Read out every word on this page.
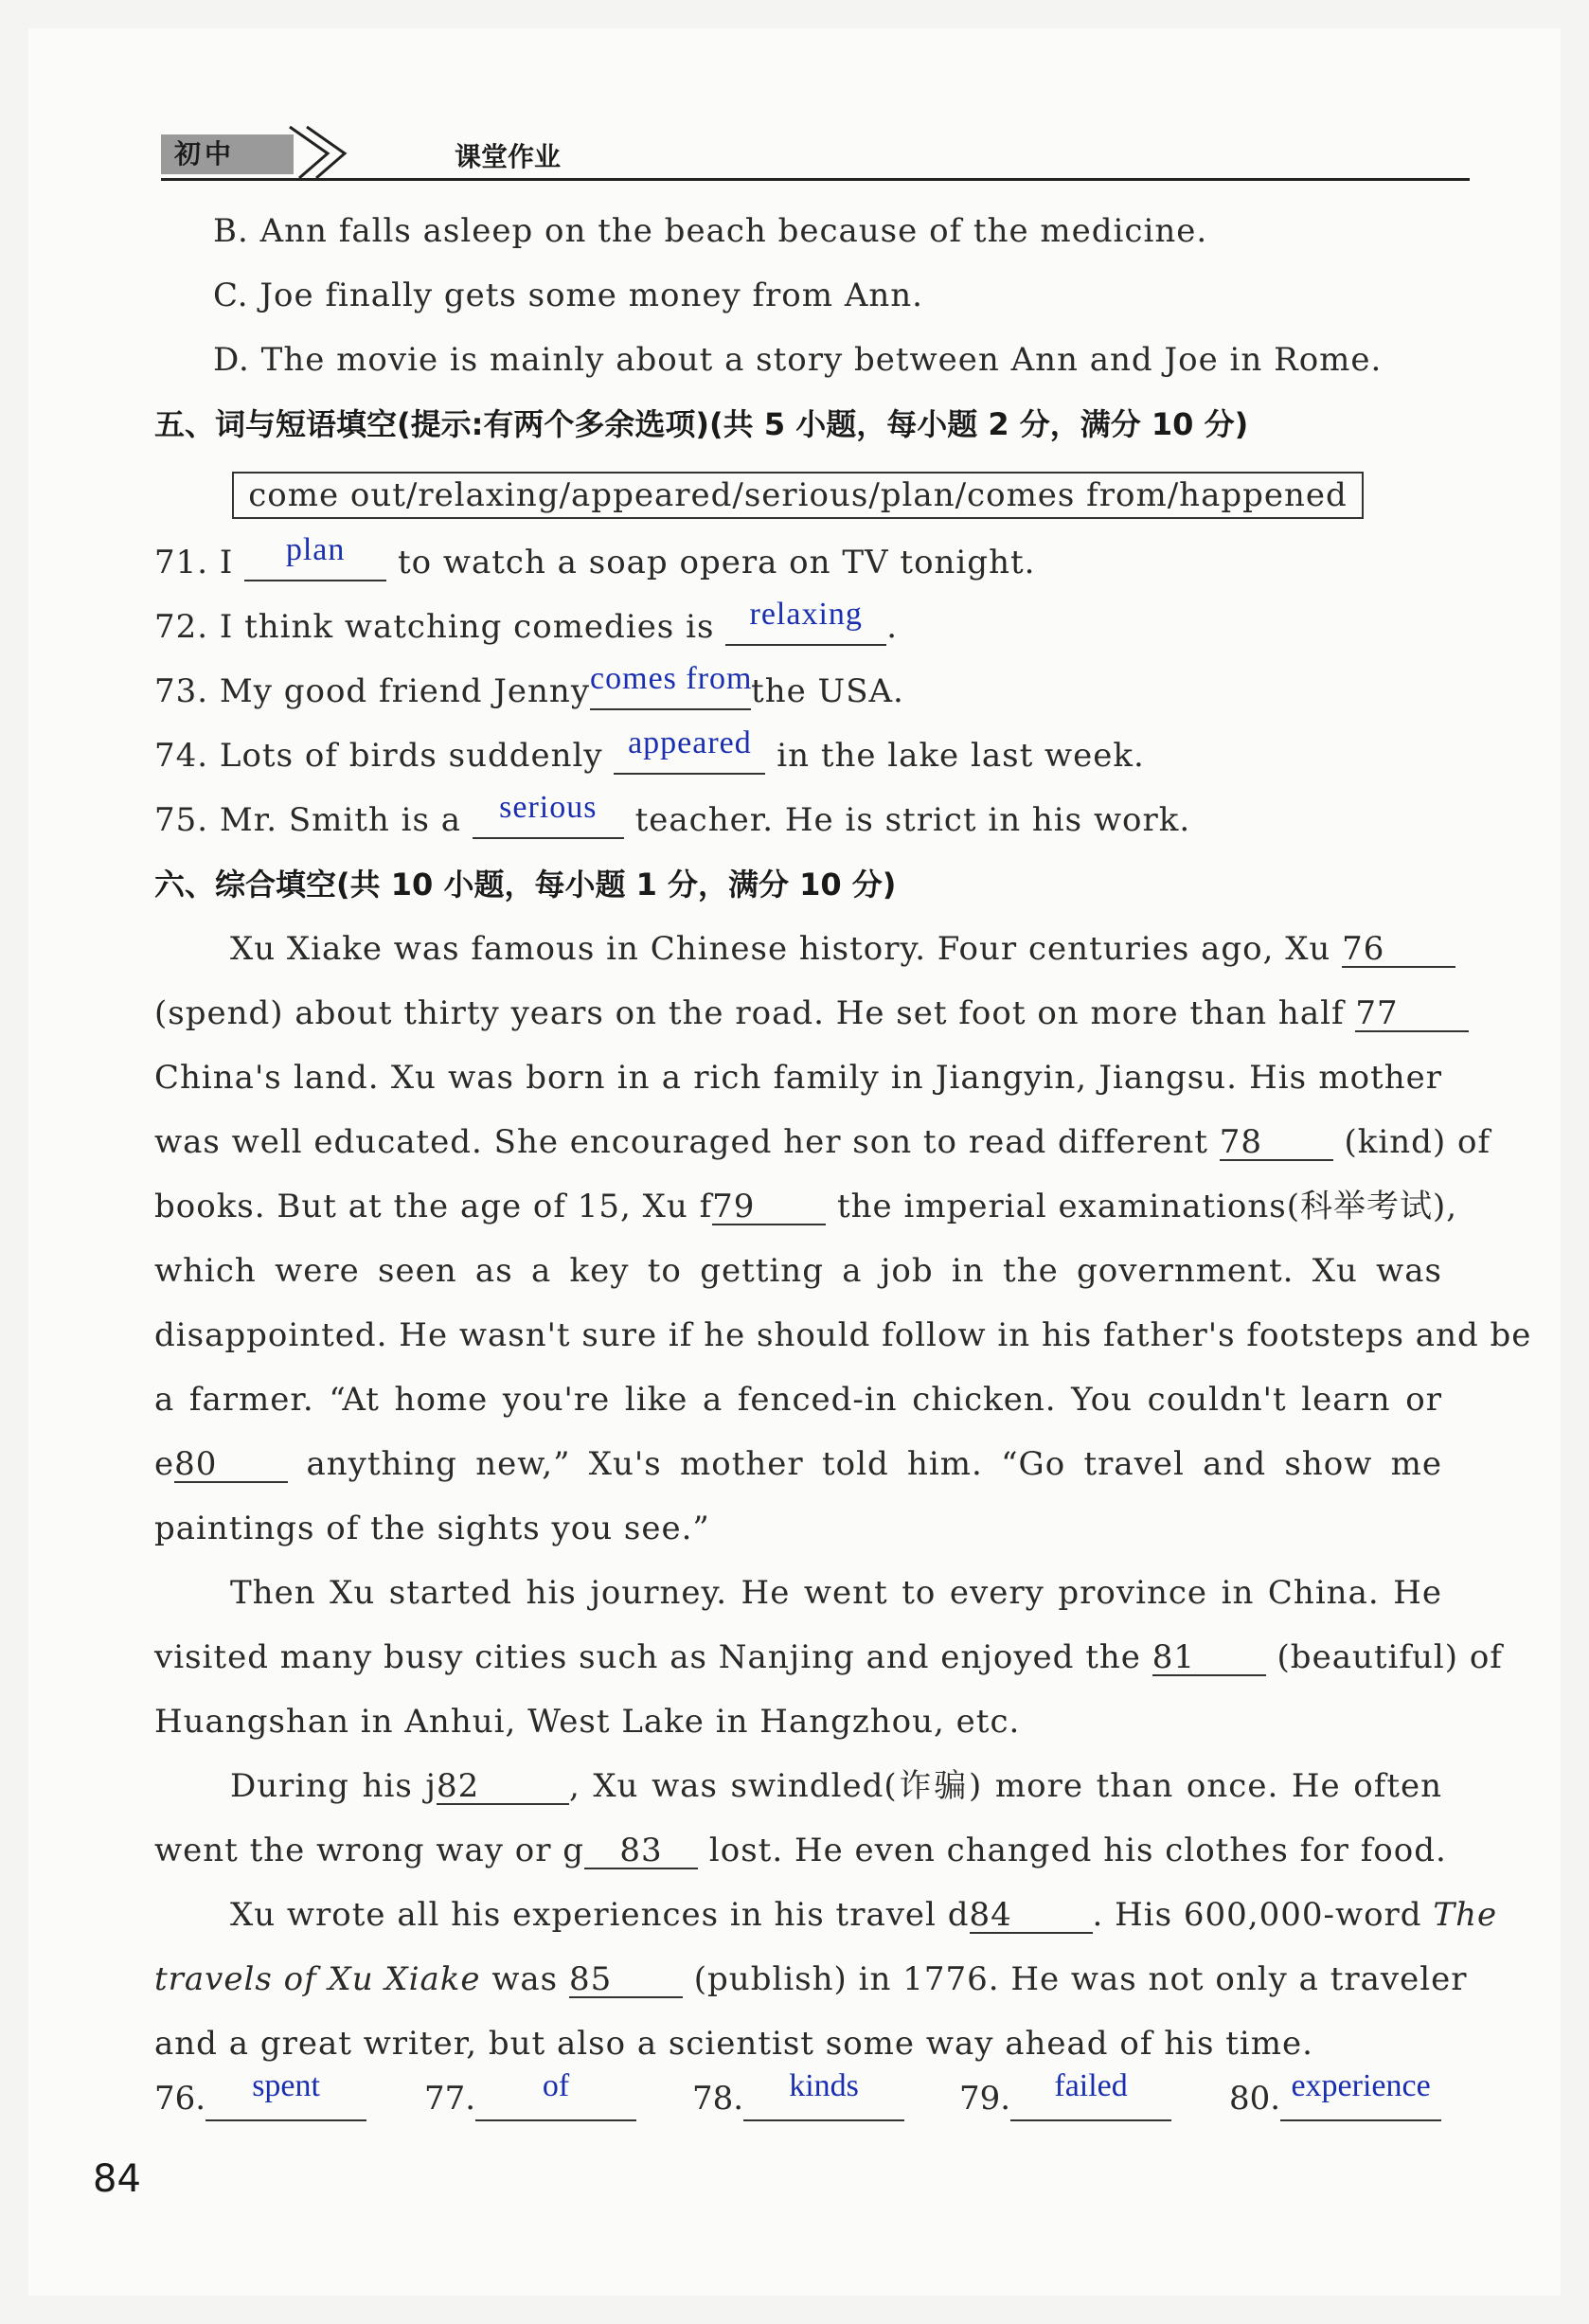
初中	课堂作业
B. Ann falls asleep on the beach because of the medicine.
C. Joe finally gets some money from Ann.
D. The movie is mainly about a story between Ann and Joe in Rome.
五、词与短语填空(提示:有两个多余选项)(共 5 小题，每小题 2 分，满分 10 分)
come out/relaxing/appeared/serious/plan/comes from/happened
71. I plan to watch a soap opera on TV tonight.
72. I think watching comedies is relaxing .
73. My good friend Jennycomes fromthe USA.
74. Lots of birds suddenly appeared in the lake last week.
75. Mr. Smith is a serious teacher. He is strict in his work.
六、综合填空(共 10 小题，每小题 1 分，满分 10 分)
Xu Xiake was famous in Chinese history. Four centuries ago, Xu 76
(spend) about thirty years on the road. He set foot on more than half 77
China's land. Xu was born in a rich family in Jiangyin, Jiangsu. His mother
was well educated. She encouraged her son to read different 78	(kind) of
books. But at the age of 15, Xu f79	the imperial examinations(科举考试),
which were seen as a key to getting a job in the government. Xu was
disappointed. He wasn't sure if he should follow in his father's footsteps and be
a farmer. “At home you're like a fenced-in chicken. You couldn't learn or
e80	anything new,” Xu's mother told him. “Go travel and show me
paintings of the sights you see.”
Then Xu started his journey. He went to every province in China. He
visited many busy cities such as Nanjing and enjoyed the 81	(beautiful) of
Huangshan in Anhui, West Lake in Hangzhou, etc.
During his j82	, Xu was swindled(诈骗) more than once. He often
went the wrong way or g 83 lost. He even changed his clothes for food.
Xu wrote all his experiences in his travel d84 . His 600,000-word The
travels of Xu Xiake was 85	(publish) in 1776. He was not only a traveler
and a great writer, but also a scientist some way ahead of his time.
76. spent	77. of	78. kinds	79. failed	80. experience
84
